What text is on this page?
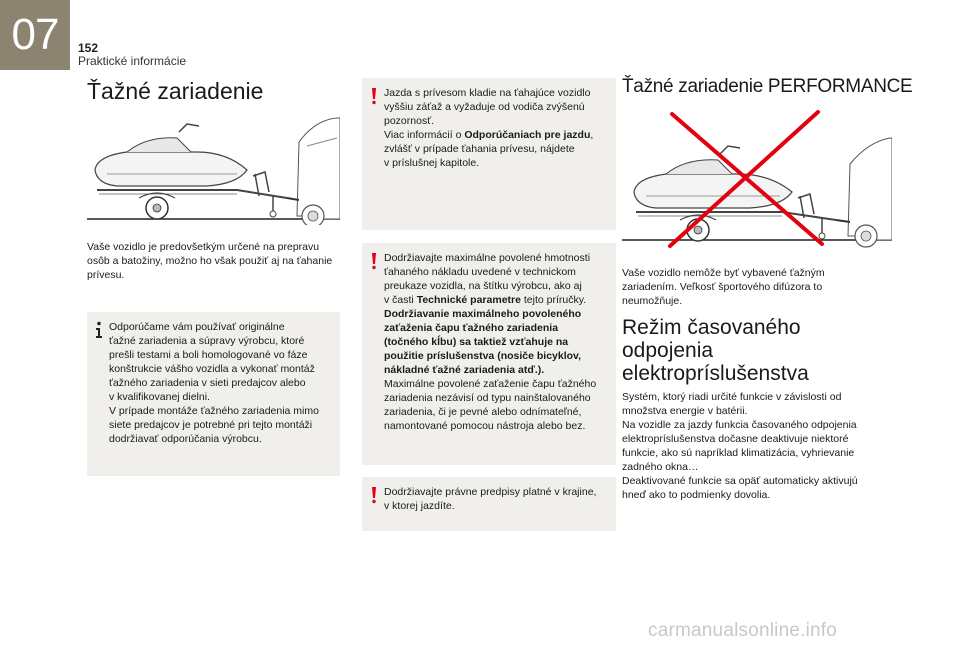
07	152
Praktické informácie
Ťažné zariadenie

Vaše vozidlo je predovšetkým určené na prepravu
osôb a batožiny, možno ho však použiť aj na ťahanie
prívesu.

Odporúčame vám používať originálne
ťažné zariadenia a súpravy výrobcu, ktoré
prešli testami a boli homologované vo fáze
konštrukcie vášho vozidla a vykonať montáž
ťažného zariadenia v sieti predajcov alebo
v kvalifikovanej dielni.
V prípade montáže ťažného zariadenia mimo
siete predajcov je potrebné pri tejto montáži
dodržiavať odporúčania výrobcu.
Jazda s prívesom kladie na ťahajúce vozidlo
vyššiu záťaž a vyžaduje od vodiča zvýšenú
pozornosť.
Viac informácií o Odporúčaniach pre jazdu,
zvlášť v prípade ťahania prívesu, nájdete
v príslušnej kapitole.
Dodržiavajte maximálne povolené hmotnosti
ťahaného nákladu uvedené v technickom
preukaze vozidla, na štítku výrobcu, ako aj
v časti Technické parametre tejto príručky.
Dodržiavanie maximálneho povoleného
zaťaženia čapu ťažného zariadenia
(točného kĺbu) sa taktiež vzťahuje na
použitie príslušenstva (nosiče bicyklov,
nákladné ťažné zariadenia atď.).
Maximálne povolené zaťaženie čapu ťažného
zariadenia nezávisí od typu nainštalovaného
zariadenia, či je pevné alebo odnímateľné,
namontované pomocou nástroja alebo bez.
Dodržiavajte právne predpisy platné v krajine,
v ktorej jazdíte.
Ťažné zariadenie PERFORMANCE

Vaše vozidlo nemôže byť vybavené ťažným
zariadením. Veľkosť športového difúzora to
neumožňuje.

Režim časovaného
odpojenia
elektropríslušenstva

Systém, ktorý riadi určité funkcie v závislosti od
množstva energie v batérii.
Na vozidle za jazdy funkcia časovaného odpojenia
elektropríslušenstva dočasne deaktivuje niektoré
funkcie, ako sú napríklad klimatizácia, vyhrievanie
zadného okna…
Deaktivované funkcie sa opäť automaticky aktivujú
hneď ako to podmienky dovolia.

carmanualsonline.info
